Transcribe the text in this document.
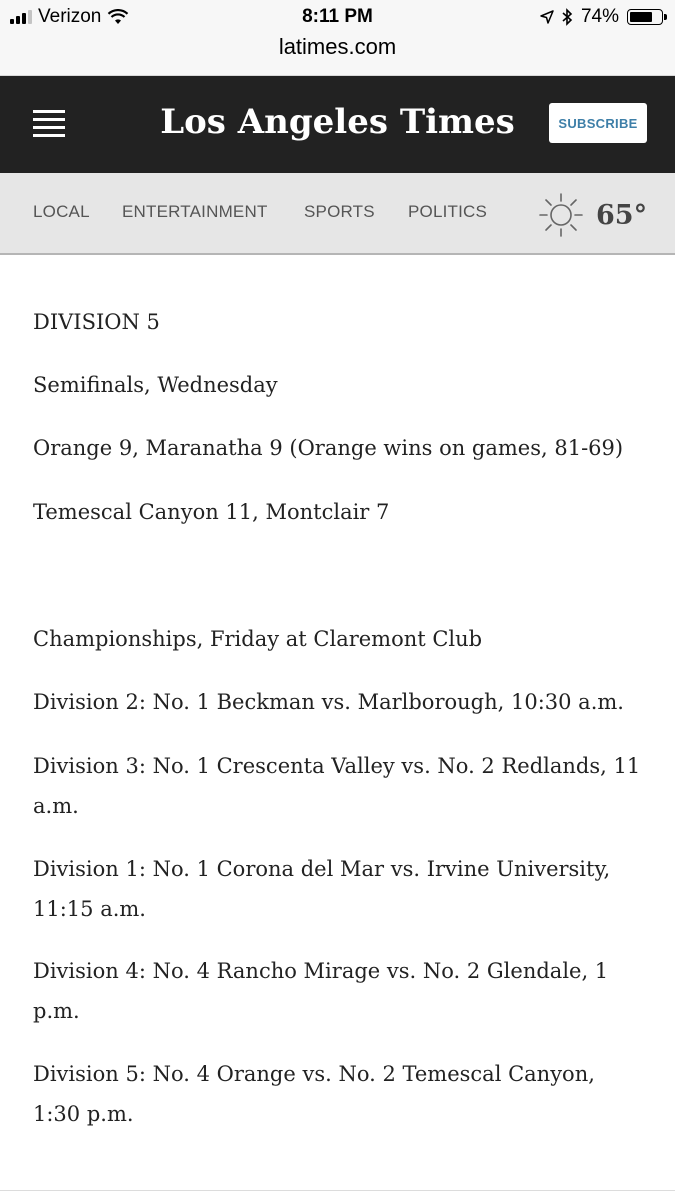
Verizon	8:11 PM	74%
latimes.com
Los Angeles Times	SUBSCRIBE
LOCAL ENTERTAINMENT SPORTS POLITICS	65°

DIVISION 5

Semifinals, Wednesday

Orange 9, Maranatha 9 (Orange wins on games, 81-69)

Temescal Canyon 11, Montclair 7

Championships, Friday at Claremont Club

Division 2: No. 1 Beckman vs. Marlborough, 10:30 a.m.

Division 3: No. 1 Crescenta Valley vs. No. 2 Redlands, 11 a.m.

Division 1: No. 1 Corona del Mar vs. Irvine University, 11:15 a.m.

Division 4: No. 4 Rancho Mirage vs. No. 2 Glendale, 1 p.m.

Division 5: No. 4 Orange vs. No. 2 Temescal Canyon, 1:30 p.m.
